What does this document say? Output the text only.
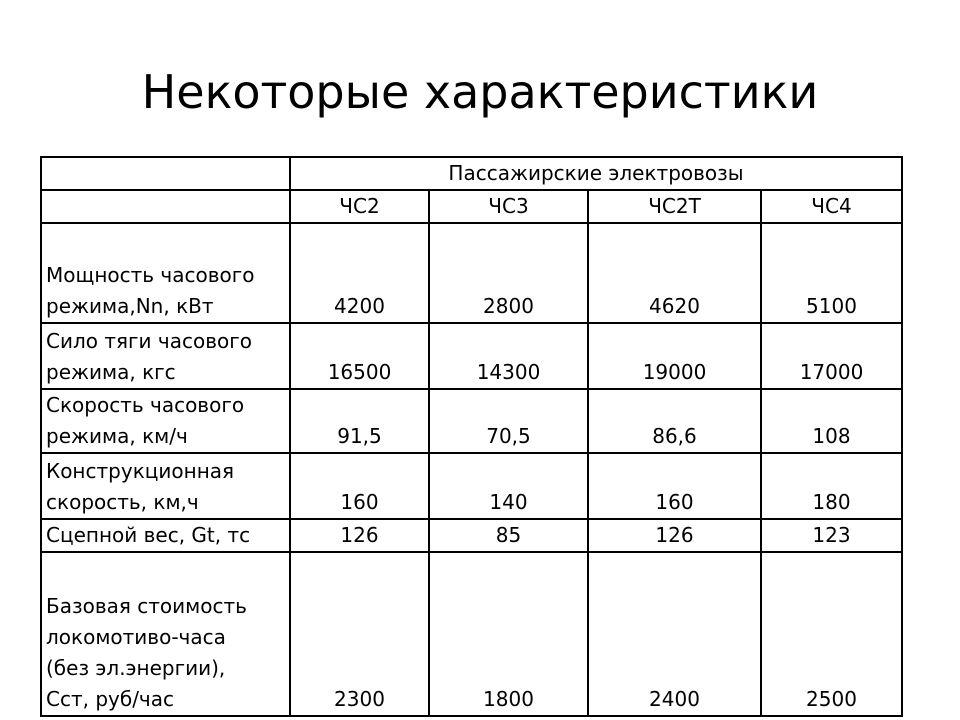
Некоторые характеристики
	Пассажирские электровозы			
	ЧС2	ЧС3	ЧС2Т	ЧС4

Мощность часового
режима,Nn, кВт	4200	2800	4620	5100

Сило тяги часового
режима, кгс	16500	14300	19000	17000

Скорость часового
режима, км/ч	91,5	70,5	86,6	108

Конструкционная
скорость, км,ч	160	140	160	180

Сцепной вес, Gt, тс	126	85	126	123

Базовая стоимость
локомотиво-часа
(без эл.энергии),
Сст, руб/час	2300	1800	2400	2500
